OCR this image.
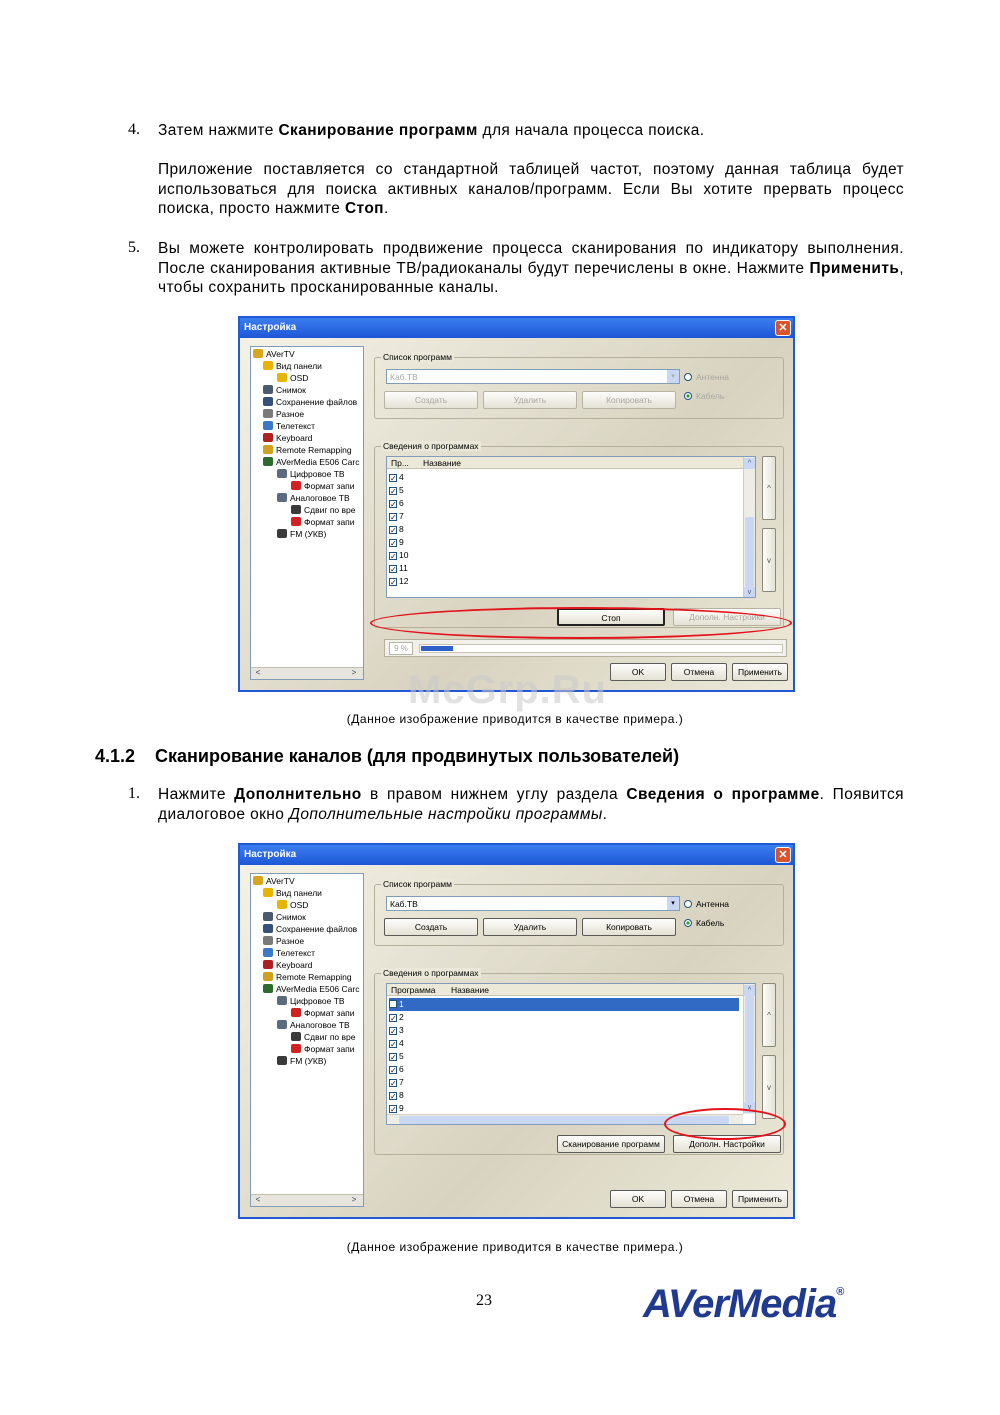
4. Затем нажмите Сканирование программ для начала процесса поиска.
Приложение поставляется со стандартной таблицей частот, поэтому данная таблица будет использоваться для поиска активных каналов/программ. Если Вы хотите прервать процесс поиска, просто нажмите Стоп.
5. Вы можете контролировать продвижение процесса сканирования по индикатору выполнения. После сканирования активные ТВ/радиоканалы будут перечислены в окне. Нажмите Применить, чтобы сохранить просканированные каналы.
Настройка	✕
<	>
AVerTV
Вид панели
OSD
Снимок
Сохранение файлов
Разное
Телетекст
Keyboard
Remote Remapping
AVerMedia E506 Carc
Цифровое ТВ
Формат запи
Аналоговое ТВ
Сдвиг по вре
Формат запи
FM (УКВ)
Список программ
Каб.ТВ	▾	Антенна
Кабель
Создать	Удалить	Копировать
Сведения о программах
Пр... Название	^
v
✓ 4
✓ 5
✓ 6
✓ 7
✓ 8
✓ 9
✓ 10
✓ 11
✓ 12
^
v
Стоп	Дополн. Настройки
9 %
OK	Отмена	Применить
McGrp.Ru
(Данное изображение приводится в качестве примера.)
4.1.2 Сканирование каналов (для продвинутых пользователей)
1. Нажмите Дополнительно в правом нижнем углу раздела Сведения о программе. Появится диалоговое окно Дополнительные настройки программы.
Настройка	✕
<	>
AVerTV
Вид панели
OSD
Снимок
Сохранение файлов
Разное
Телетекст
Keyboard
Remote Remapping
AVerMedia E506 Carc
Цифровое ТВ
Формат запи
Аналоговое ТВ
Сдвиг по вре
Формат запи
FM (УКВ)
Список программ
Каб.ТВ	▾	Антенна
Кабель
Создать	Удалить	Копировать
Сведения о программах
Программа Название	^
v
1
✓ 2
✓ 3
✓ 4
✓ 5
✓ 6
✓ 7
✓ 8
✓ 9
^
v
Сканирование программ	Дополн. Настройки
OK	Отмена	Применить
(Данное изображение приводится в качестве примера.)
23	AVerMedia®
